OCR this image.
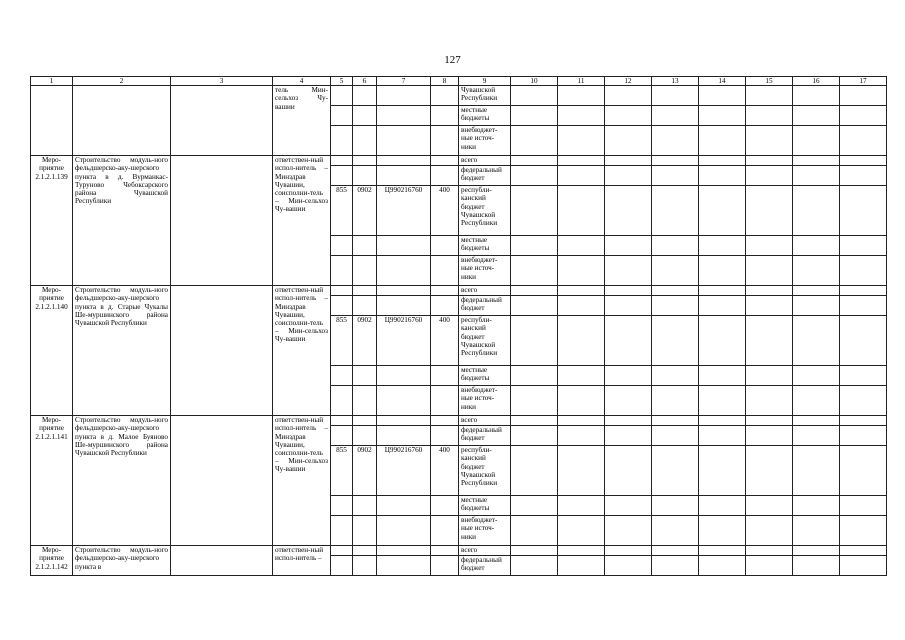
127
1	2	3	4	5	6	7	8	9	10	11	12	13	14	15	16	17
			тель Мин-сельхоз Чу-вашии					Чувашской Республики								
								местные бюджеты								
								внебюджет-ные источ-ники								
Меро-приятие 2.1.2.1.139	Строительство модуль-ного фельдшерско-аку-шерского пункта в д. Вурманкас-Туруново Чебоксарского района Чувашской Республики		ответствен-ный испол-нитель – Минздрав Чувашии, соисполни-тель – Мин-сельхоз Чу-вашии					всего								
								федеральный бюджет								
				855	0902	Ц990216760	400	республи-канский бюджет Чувашской Республики								
								местные бюджеты								
								внебюджет-ные источ-ники								
Меро-приятие 2.1.2.1.140	Строительство модуль-ного фельдшерско-аку-шерского пункта в д. Старые Чукалы Ше-муршинского района Чувашской Республики		ответствен-ный испол-нитель – Минздрав Чувашии, соисполни-тель – Мин-сельхоз Чу-вашии					всего								
								федеральный бюджет								
				855	0902	Ц990216760	400	республи-канский бюджет Чувашской Республики								
								местные бюджеты								
								внебюджет-ные источ-ники								
Меро-приятие 2.1.2.1.141	Строительство модуль-ного фельдшерско-аку-шерского пункта в д. Малое Буяново Ше-муршинского района Чувашской Республики		ответствен-ный испол-нитель – Минздрав Чувашии, соисполни-тель – Мин-сельхоз Чу-вашии					всего								
								федеральный бюджет								
				855	0902	Ц990216760	400	республи-канский бюджет Чувашской Республики								
								местные бюджеты								
								внебюджет-ные источ-ники								
Меро-приятие 2.1.2.1.142	Строительство модуль-ного фельдшерско-аку-шерского пункта в		ответствен-ный испол-нитель –					всего								
								федеральный бюджет								
